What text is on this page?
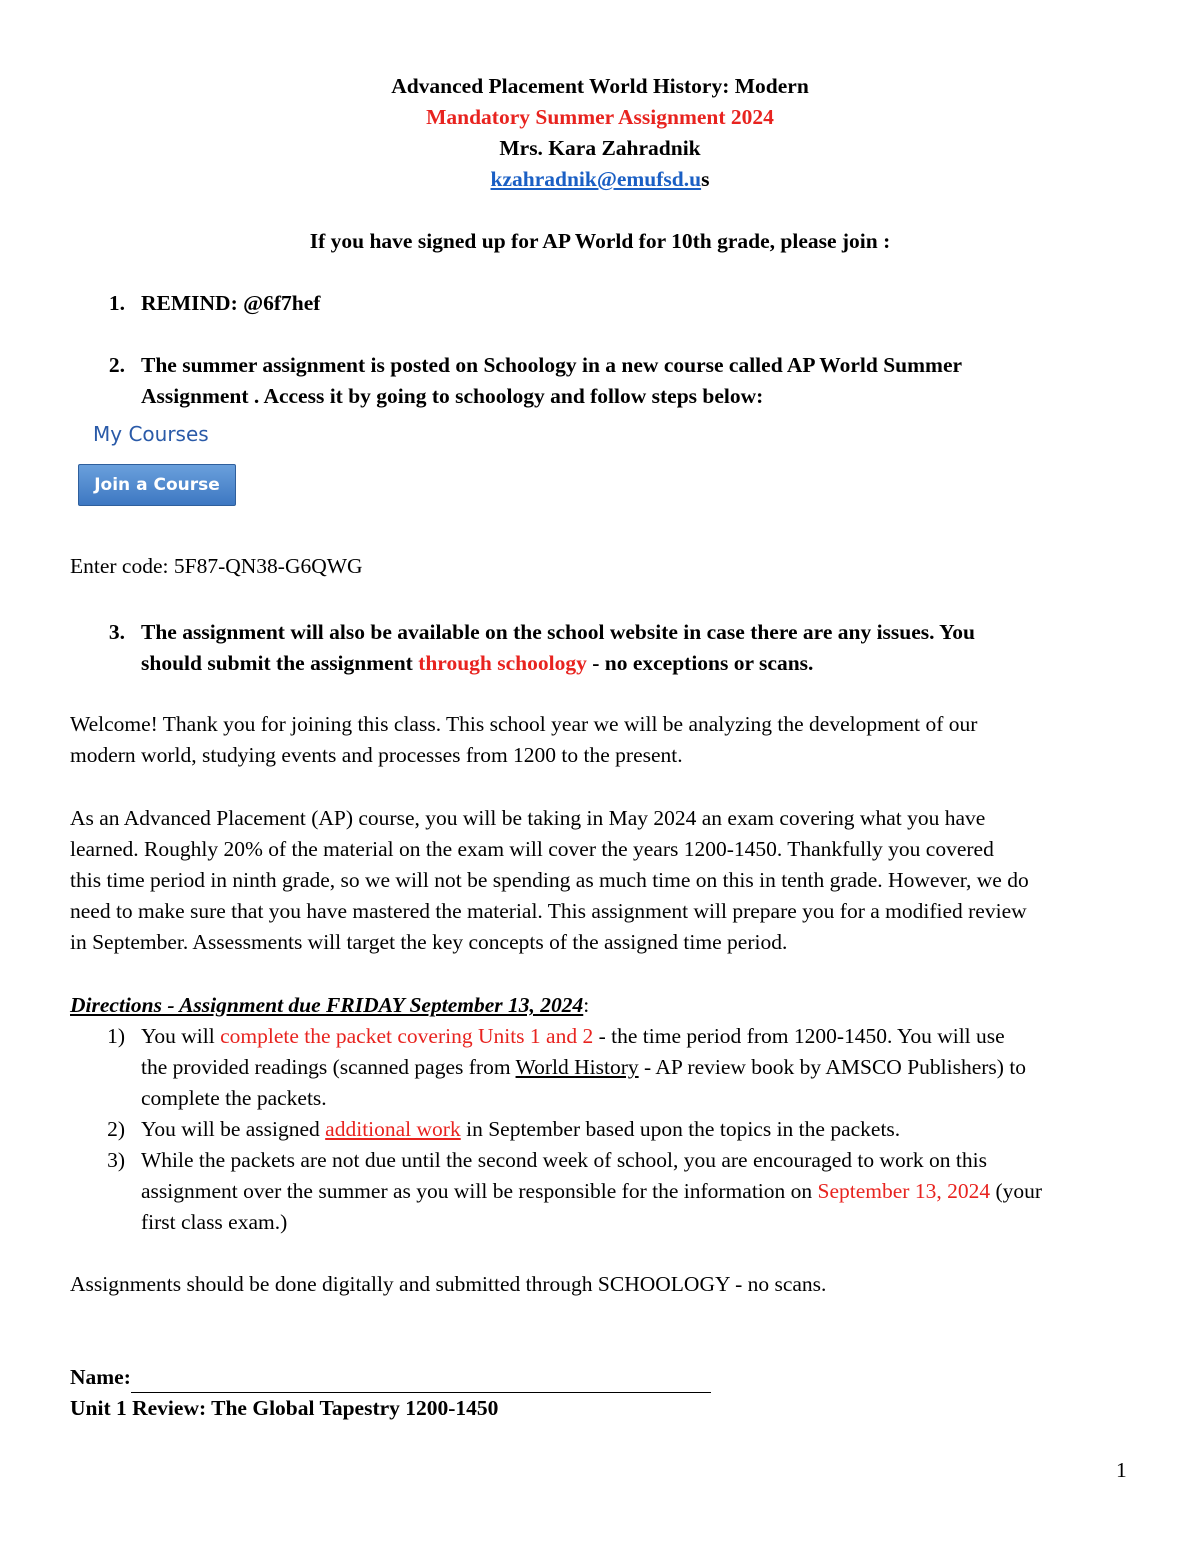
Advanced Placement World History: Modern
Mandatory Summer Assignment 2024
Mrs. Kara Zahradnik
kzahradnik@emufsd.us
If you have signed up for AP World for 10th grade, please join :
1. REMIND: @6f7hef
2. The summer assignment is posted on Schoology in a new course called AP World Summer
Assignment . Access it by going to schoology and follow steps below:
My Courses
Join a Course
Enter code: 5F87-QN38-G6QWG
3. The assignment will also be available on the school website in case there are any issues. You
should submit the assignment through schoology - no exceptions or scans.
Welcome! Thank you for joining this class. This school year we will be analyzing the development of our
modern world, studying events and processes from 1200 to the present.
As an Advanced Placement (AP) course, you will be taking in May 2024 an exam covering what you have
learned. Roughly 20% of the material on the exam will cover the years 1200-1450. Thankfully you covered
this time period in ninth grade, so we will not be spending as much time on this in tenth grade. However, we do
need to make sure that you have mastered the material. This assignment will prepare you for a modified review
in September. Assessments will target the key concepts of the assigned time period.
Directions - Assignment due FRIDAY September 13, 2024:
1) You will complete the packet covering Units 1 and 2 - the time period from 1200-1450. You will use
the provided readings (scanned pages from World History - AP review book by AMSCO Publishers) to
complete the packets.
2) You will be assigned additional work in September based upon the topics in the packets.
3) While the packets are not due until the second week of school, you are encouraged to work on this
assignment over the summer as you will be responsible for the information on September 13, 2024 (your
first class exam.)
Assignments should be done digitally and submitted through SCHOOLOGY - no scans.
Name:
Unit 1 Review: The Global Tapestry 1200-1450
1
